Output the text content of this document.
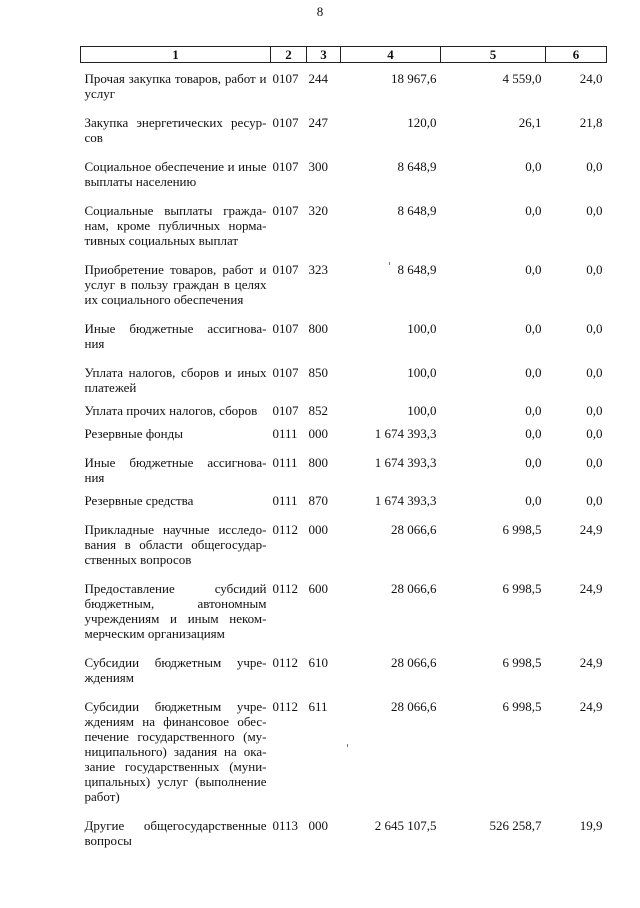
8
1	2	3	4	5	6

Прочая закупка товаров, работ и услуг	0107	244	18 967,6	4 559,0	24,0

Закупка энергетических ресур- сов	0107	247	120,0	26,1	21,8

Социальное обеспечение и иные выплаты населению	0107	300	8 648,9	0,0	0,0

Социальные выплаты гражда- нам, кроме публичных норма- тивных социальных выплат	0107	320	8 648,9	0,0	0,0

Приобретение товаров, работ и услуг в пользу граждан в целях их социального обеспечения	0107	323	8 648,9	0,0	0,0

Иные бюджетные ассигнова- ния	0107	800	100,0	0,0	0,0

Уплата налогов, сборов и иных платежей	0107	850	100,0	0,0	0,0

Уплата прочих налогов, сборов	0107	852	100,0	0,0	0,0

Резервные фонды	0111	000	1 674 393,3	0,0	0,0

Иные бюджетные ассигнова- ния	0111	800	1 674 393,3	0,0	0,0

Резервные средства	0111	870	1 674 393,3	0,0	0,0

Прикладные научные исследо- вания в области общегосудар- ственных вопросов	0112	000	28 066,6	6 998,5	24,9

Предоставление субсидий бюджетным, автономным учреждениям и иным неком- мерческим организациям	0112	600	28 066,6	6 998,5	24,9

Субсидии бюджетным учре- ждениям	0112	610	28 066,6	6 998,5	24,9

Субсидии бюджетным учре- ждениям на финансовое обес- печение государственного (му- ниципального) задания на ока- зание государственных (муни- ципальных) услуг (выполнение работ)	0112	611	28 066,6	6 998,5	24,9

Другие общегосударственные вопросы	0113	000	2 645 107,5	526 258,7	19,9
